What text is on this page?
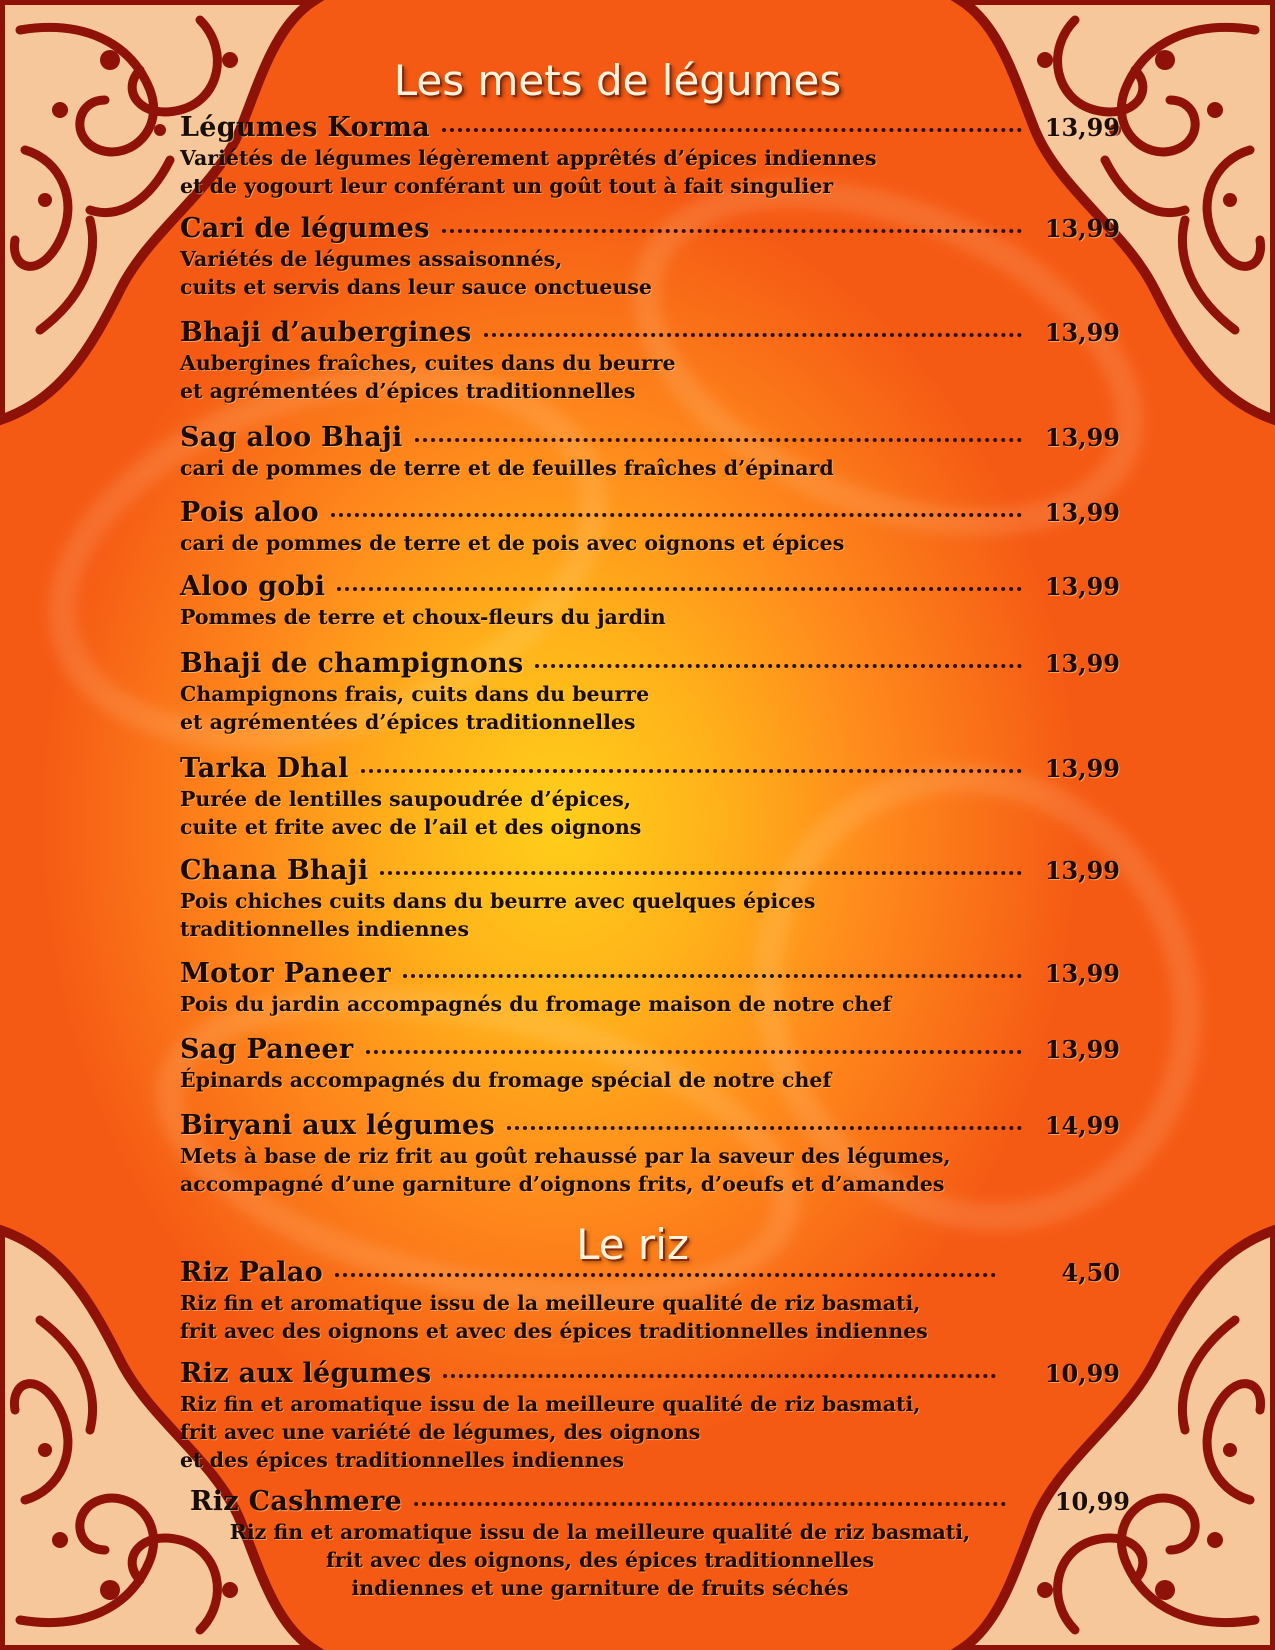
Les mets de légumes
Légumes Korma	13,99
Variétés de légumes légèrement apprêtés d’épices indiennes
et de yogourt leur conférant un goût tout à fait singulier
Cari de légumes	13,99
Variétés de légumes assaisonnés,
cuits et servis dans leur sauce onctueuse
Bhaji d’aubergines	13,99
Aubergines fraîches, cuites dans du beurre
et agrémentées d’épices traditionnelles
Sag aloo Bhaji	13,99
cari de pommes de terre et de feuilles fraîches d’épinard
Pois aloo	13,99
cari de pommes de terre et de pois avec oignons et épices
Aloo gobi	13,99
Pommes de terre et choux-fleurs du jardin
Bhaji de champignons	13,99
Champignons frais, cuits dans du beurre
et agrémentées d’épices traditionnelles
Tarka Dhal	13,99
Purée de lentilles saupoudrée d’épices,
cuite et frite avec de l’ail et des oignons
Chana Bhaji	13,99
Pois chiches cuits dans du beurre avec quelques épices
traditionnelles indiennes
Motor Paneer	13,99
Pois du jardin accompagnés du fromage maison de notre chef
Sag Paneer	13,99
Épinards accompagnés du fromage spécial de notre chef
Biryani aux légumes	14,99
Mets à base de riz frit au goût rehaussé par la saveur des légumes,
accompagné d’une garniture d’oignons frits, d’oeufs et d’amandes
Le riz
Riz Palao	4,50
Riz fin et aromatique issu de la meilleure qualité de riz basmati,
frit avec des oignons et avec des épices traditionnelles indiennes
Riz aux légumes	10,99
Riz fin et aromatique issu de la meilleure qualité de riz basmati,
frit avec une variété de légumes, des oignons
et des épices traditionnelles indiennes
Riz Cashmere	10,99
Riz fin et aromatique issu de la meilleure qualité de riz basmati,
frit avec des oignons, des épices traditionnelles
indiennes et une garniture de fruits séchés
